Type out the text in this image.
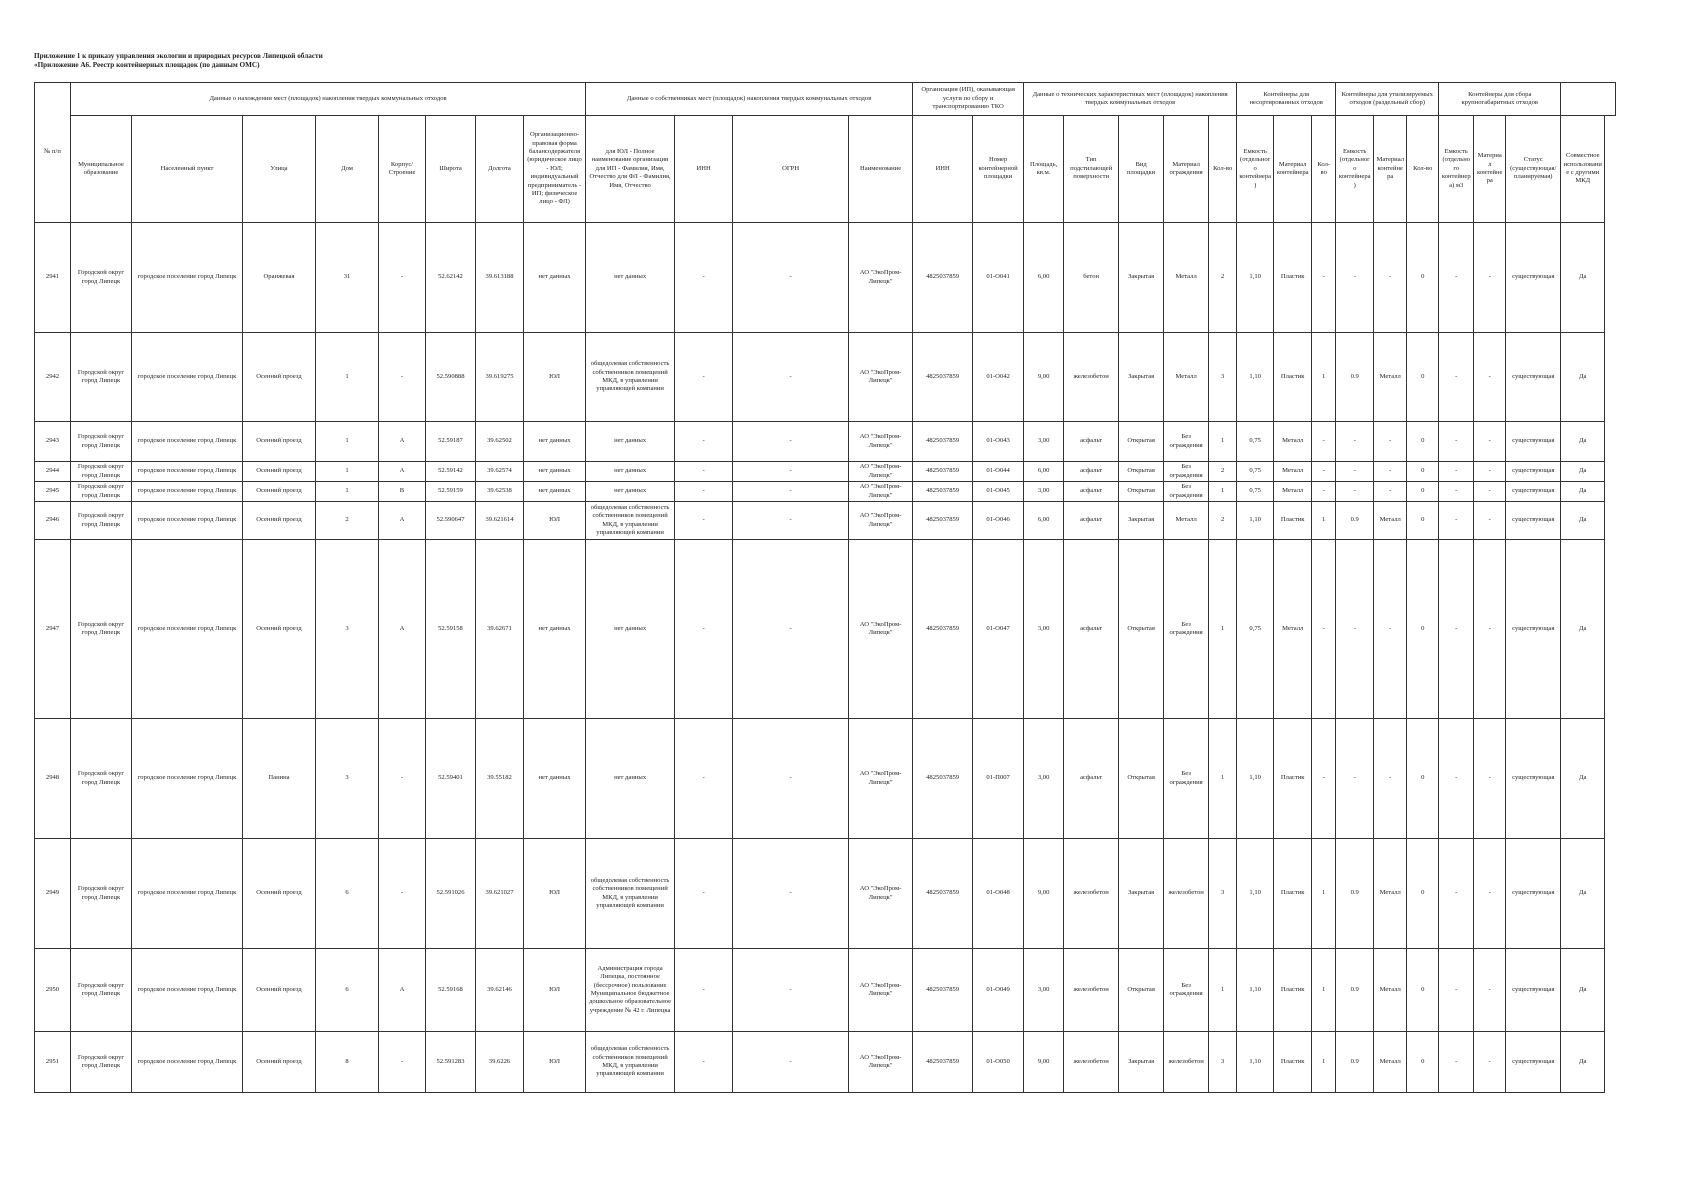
Приложение 1 к приказу управления экологии и природных ресурсов Липецкой области
«Приложение А6. Реестр контейнерных площадок (по данным ОМС)
№ п/п	Данные о нахождении мест (площадок) накопления твердых коммунальных отходов								Данные о собственниках мест (площадок) накопления твердых коммунальных отходов				Организация (ИП), оказывающая услуги по сбору и транспортированию ТКО		Данные о технических характеристиках мест (площадок) накопления твердых коммунальных отходов					Контейнеры для несортированных отходов			Контейнеры для утилизируемых отходов (раздельный сбор)			Контейнеры для сбора крупногабаритных отходов			
	Муниципальное образование	Населенный пункт	Улица	Дом	Корпус/Строение	Широта	Долгота	Организационно-правовая форма балансодержателя (юридическое лицо - ЮЛ; индивидуальный предприниматель - ИП; физическое лицо - ФЛ)	для ЮЛ - Полное наименование организации для ИП - Фамилия, Имя, Отчество для ФЛ - Фамилия, Имя, Отчество	ИНН	ОГРН	Наименование	ИНН	Номер контейнерной площадки	Площадь, кв.м.	Тип подстилающей поверхности	Вид площадки	Материал ограждения	Кол-во	Емкость (отдельного контейнера)	Материал контейнера	Кол-во	Емкость (отдельного контейнера)	Материал контейнера	Кол-во	Емкость (отдельного контейнера) м3	Материал контейнера	Статус (существующая/планируемая)	Совместное использование с другими МКД
2941	Городской округ город Липецк	городское поселение город Липецк	Оранжевая	31	-	52.62142	39.613188	нет данных	нет данных	-	-	АО "ЭкоПром-Липецк"	4825037859	01-О041	6,00	бетон	Закрытая	Металл	2	1,10	Пластик	-	-	-	0	-	-	существующая	Да
2942	Городской округ город Липецк	городское поселение город Липецк	Осенний проезд	1	-	52.590888	39.619275	ЮЛ	общедолевая собственность собственников помещений МКД, в управлении управляющей компании	-	-	АО "ЭкоПром-Липецк"	4825037859	01-О042	9,00	железобетон	Закрытая	Металл	3	1,10	Пластик	1	0.9	Металл	0	-	-	существующая	Да
2943	Городской округ город Липецк	городское поселение город Липецк	Осенний проезд	1	А	52.59187	39.62502	нет данных	нет данных	-	-	АО "ЭкоПром-Липецк"	4825037859	01-О043	3,00	асфальт	Открытая	Без ограждения	1	0,75	Металл	-	-	-	0	-	-	существующая	Да
2944	Городской округ город Липецк	городское поселение город Липецк	Осенний проезд	1	А	52.59142	39.62574	нет данных	нет данных	-	-	АО "ЭкоПром-Липецк"	4825037859	01-О044	6,00	асфальт	Открытая	Без ограждения	2	0,75	Металл	-	-	-	0	-	-	существующая	Да
2945	Городской округ город Липецк	городское поселение город Липецк	Осенний проезд	1	В	52.59159	39.62538	нет данных	нет данных	-	-	АО "ЭкоПром-Липецк"	4825037859	01-О045	3,00	асфальт	Открытая	Без ограждения	1	0,75	Металл	-	-	-	0	-	-	существующая	Да
2946	Городской округ город Липецк	городское поселение город Липецк	Осенний проезд	2	А	52.590647	39.621614	ЮЛ	общедолевая собственность собственников помещений МКД, в управлении управляющей компании	-	-	АО "ЭкоПром-Липецк"	4825037859	01-О046	6,00	асфальт	Закрытая	Металл	2	1,10	Пластик	1	0.9	Металл	0	-	-	существующая	Да
2947	Городской округ город Липецк	городское поселение город Липецк	Осенний проезд	3	А	52.59158	39.62671	нет данных	нет данных	-	-	АО "ЭкоПром-Липецк"	4825037859	01-О047	3,00	асфальт	Открытая	Без ограждения	1	0,75	Металл	-	-	-	0	-	-	существующая	Да
2948	Городской округ город Липецк	городское поселение город Липецк	Панина	3	-	52.59401	39.55182	нет данных	нет данных	-	-	АО "ЭкоПром-Липецк"	4825037859	01-П007	3,00	асфальт	Открытая	Без ограждения	1	1,10	Пластик	-	-	-	0	-	-	существующая	Да
2949	Городской округ город Липецк	городское поселение город Липецк	Осенний проезд	6	-	52.591026	39.621027	ЮЛ	общедолевая собственность собственников помещений МКД, в управлении управляющей компании	-	-	АО "ЭкоПром-Липецк"	4825037859	01-О048	9,00	железобетон	Закрытая	железобетон	3	1,10	Пластик	1	0.9	Металл	0	-	-	существующая	Да
2950	Городской округ город Липецк	городское поселение город Липецк	Осенний проезд	6	А	52.59168	39.62146	ЮЛ	Администрация города Липецка, постоянное (бессрочное) пользование Муниципальное бюджетное дошкольное образовательное учреждение № 42 г. Липецка	-	-	АО "ЭкоПром-Липецк"	4825037859	01-О049	3,00	железобетон	Открытая	Без ограждения	1	1,10	Пластик	1	0.9	Металл	0	-	-	существующая	Да
2951	Городской округ город Липецк	городское поселение город Липецк	Осенний проезд	8	-	52.591283	39.6226	ЮЛ	общедолевая собственность собственников помещений МКД, в управлении управляющей компании	-	-	АО "ЭкоПром-Липецк"	4825037859	01-О050	9,00	железобетон	Закрытая	железобетон	3	1,10	Пластик	1	0.9	Металл	0	-	-	существующая	Да
